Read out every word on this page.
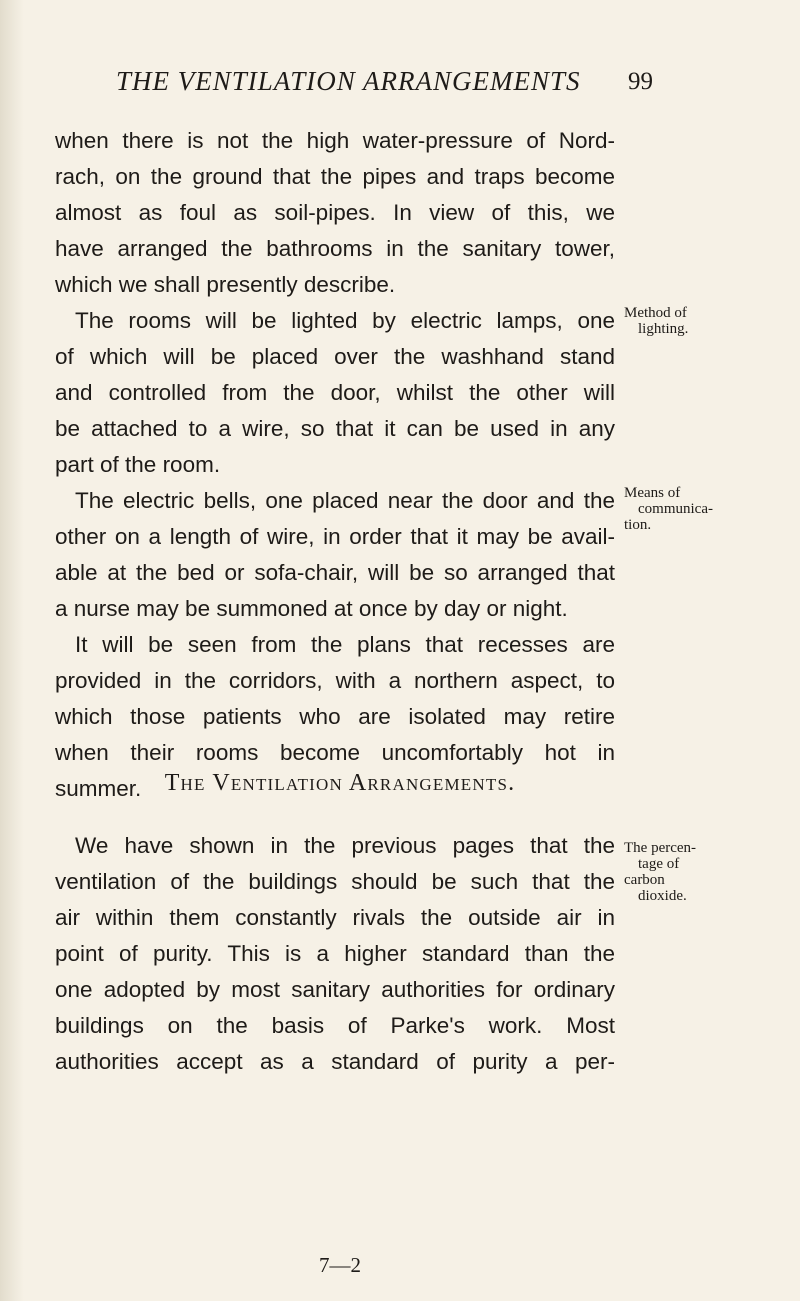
THE VENTILATION ARRANGEMENTS 99
when there is not the high water-pressure of Nord-
rach, on the ground that the pipes and traps become
almost as foul as soil-pipes. In view of this, we
have arranged the bathrooms in the sanitary tower,
which we shall presently describe.
The rooms will be lighted by electric lamps, one
of which will be placed over the washhand stand
and controlled from the door, whilst the other will
be attached to a wire, so that it can be used in any
part of the room.
The electric bells, one placed near the door and the
other on a length of wire, in order that it may be avail-
able at the bed or sofa-chair, will be so arranged that
a nurse may be summoned at once by day or night.
It will be seen from the plans that recesses are
provided in the corridors, with a northern aspect, to
which those patients who are isolated may retire
when their rooms become uncomfortably hot in
summer. The Ventilation Arrangements.
We have shown in the previous pages that the
ventilation of the buildings should be such that the
air within them constantly rivals the outside air in
point of purity. This is a higher standard than the
one adopted by most sanitary authorities for ordinary
buildings on the basis of Parke's work. Most
authorities accept as a standard of purity a per-
Method of
lighting.
Means of
communica-
tion.
The percen-
tage of
carbon
dioxide.
7—2
